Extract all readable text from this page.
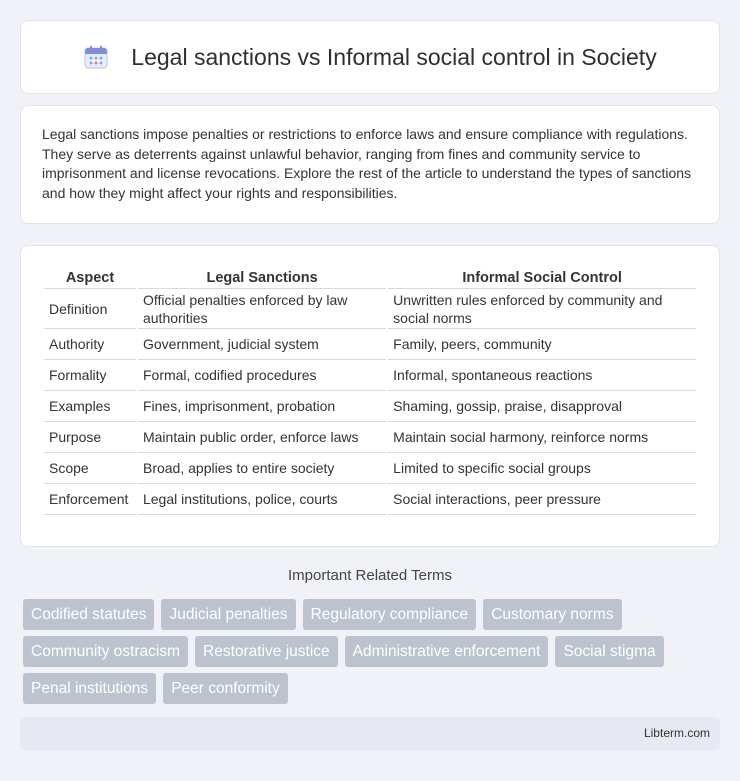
Legal sanctions vs Informal social control in Society

Legal sanctions impose penalties or restrictions to enforce laws and ensure compliance with regulations. They serve as deterrents against unlawful behavior, ranging from fines and community service to imprisonment and license revocations. Explore the rest of the article to understand the types of sanctions and how they might affect your rights and responsibilities.

Aspect	Legal Sanctions	Informal Social Control
Definition	Official penalties enforced by law authorities	Unwritten rules enforced by community and social norms
Authority	Government, judicial system	Family, peers, community
Formality	Formal, codified procedures	Informal, spontaneous reactions
Examples	Fines, imprisonment, probation	Shaming, gossip, praise, disapproval
Purpose	Maintain public order, enforce laws	Maintain social harmony, reinforce norms
Scope	Broad, applies to entire society	Limited to specific social groups
Enforcement	Legal institutions, police, courts	Social interactions, peer pressure
Important Related Terms
Codified statutes	Judicial penalties	Regulatory compliance	Customary norms
Community ostracism	Restorative justice	Administrative enforcement	Social stigma
Penal institutions	Peer conformity
Libterm.com
